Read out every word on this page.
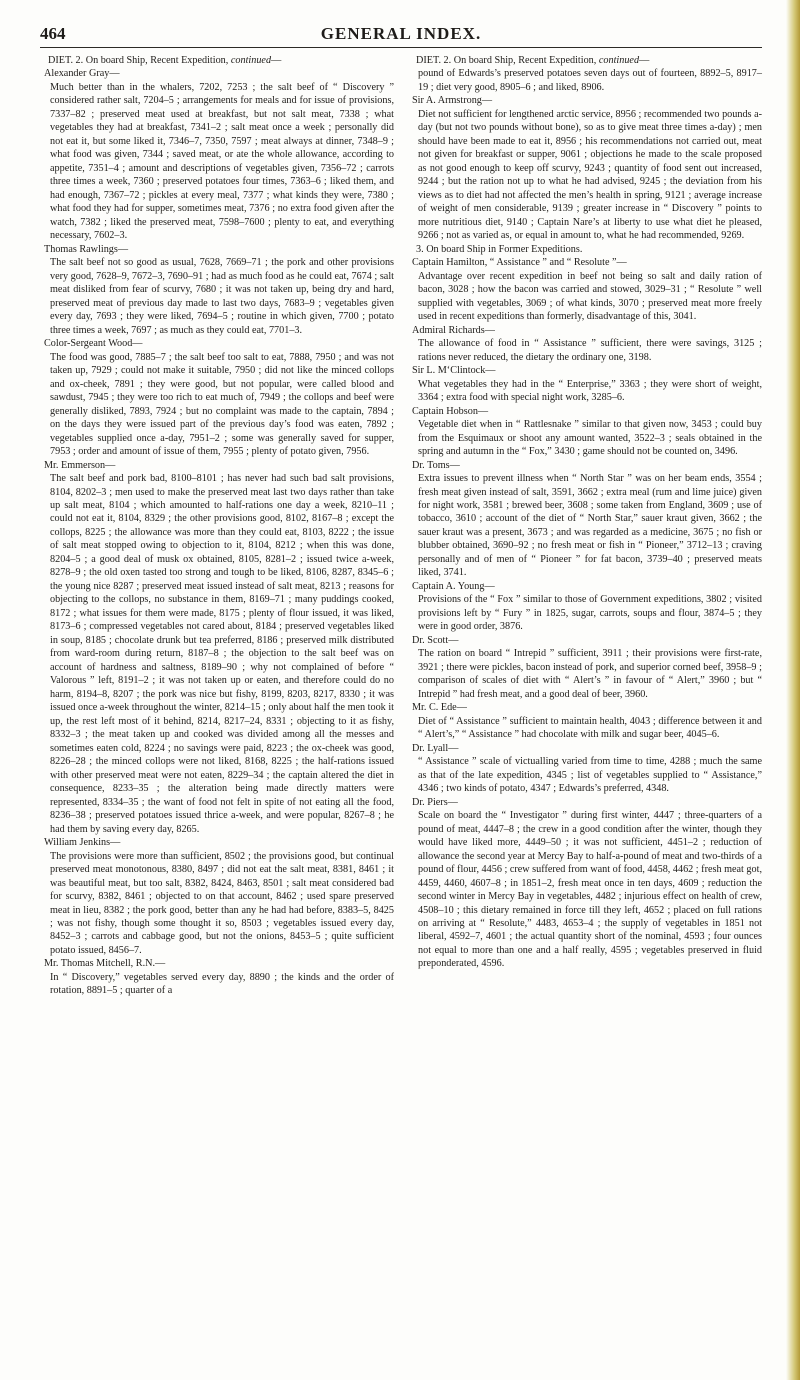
464	GENERAL INDEX.

DIET. 2. On board Ship, Recent Expedition, continued—

Alexander Gray—
Much better than in the whalers, 7202, 7253 ; the salt beef of “ Discovery ” considered rather salt, 7204–5 ; arrangements for meals and for issue of provisions, 7337–82 ; preserved meat used at breakfast, but not salt meat, 7338 ; what vegetables they had at breakfast, 7341–2 ; salt meat once a week ; personally did not eat it, but some liked it, 7346–7, 7350, 7597 ; meat always at dinner, 7348–9 ; what food was given, 7344 ; saved meat, or ate the whole allowance, according to appetite, 7351–4 ; amount and descriptions of vegetables given, 7356–72 ; carrots three times a week, 7360 ; preserved potatoes four times, 7363–6 ; liked them, and had enough, 7367–72 ; pickles at every meal, 7377 ; what kinds they were, 7380 ; what food they had for supper, sometimes meat, 7376 ; no extra food given after the watch, 7382 ; liked the preserved meat, 7598–7600 ; plenty to eat, and everything necessary, 7602–3.
Thomas Rawlings—
The salt beef not so good as usual, 7628, 7669–71 ; the pork and other provisions very good, 7628–9, 7672–3, 7690–91 ; had as much food as he could eat, 7674 ; salt meat disliked from fear of scurvy, 7680 ; it was not taken up, being dry and hard, preserved meat of previous day made to last two days, 7683–9 ; vegetables given every day, 7693 ; they were liked, 7694–5 ; routine in which given, 7700 ; potato three times a week, 7697 ; as much as they could eat, 7701–3.
Color-Sergeant Wood—
The food was good, 7885–7 ; the salt beef too salt to eat, 7888, 7950 ; and was not taken up, 7929 ; could not make it suitable, 7950 ; did not like the minced collops and ox-cheek, 7891 ; they were good, but not popular, were called blood and sawdust, 7945 ; they were too rich to eat much of, 7949 ; the collops and beef were generally disliked, 7893, 7924 ; but no complaint was made to the captain, 7894 ; on the days they were issued part of the previous day’s food was eaten, 7892 ; vegetables supplied once a-day, 7951–2 ; some was generally saved for supper, 7953 ; order and amount of issue of them, 7955 ; plenty of potato given, 7956.
Mr. Emmerson—
The salt beef and pork bad, 8100–8101 ; has never had such bad salt provisions, 8104, 8202–3 ; men used to make the preserved meat last two days rather than take up salt meat, 8104 ; which amounted to half-rations one day a week, 8210–11 ; could not eat it, 8104, 8329 ; the other provisions good, 8102, 8167–8 ; except the collops, 8225 ; the allowance was more than they could eat, 8103, 8222 ; the issue of salt meat stopped owing to objection to it, 8104, 8212 ; when this was done, 8204–5 ; a good deal of musk ox obtained, 8105, 8281–2 ; issued twice a-week, 8278–9 ; the old oxen tasted too strong and tough to be liked, 8106, 8287, 8345–6 ; the young nice 8287 ; preserved meat issued instead of salt meat, 8213 ; reasons for objecting to the collops, no substance in them, 8169–71 ; many puddings cooked, 8172 ; what issues for them were made, 8175 ; plenty of flour issued, it was liked, 8173–6 ; compressed vegetables not cared about, 8184 ; preserved vegetables liked in soup, 8185 ; chocolate drunk but tea preferred, 8186 ; preserved milk distributed from ward-room during return, 8187–8 ; the objection to the salt beef was on account of hardness and saltness, 8189–90 ; why not complained of before “ Valorous ” left, 8191–2 ; it was not taken up or eaten, and therefore could do no harm, 8194–8, 8207 ; the pork was nice but fishy, 8199, 8203, 8217, 8330 ; it was issued once a-week throughout the winter, 8214–15 ; only about half the men took it up, the rest left most of it behind, 8214, 8217–24, 8331 ; objecting to it as fishy, 8332–3 ; the meat taken up and cooked was divided among all the messes and sometimes eaten cold, 8224 ; no savings were paid, 8223 ; the ox-cheek was good, 8226–28 ; the minced collops were not liked, 8168, 8225 ; the half-rations issued with other preserved meat were not eaten, 8229–34 ; the captain altered the diet in consequence, 8233–35 ; the alteration being made directly matters were represented, 8334–35 ; the want of food not felt in spite of not eating all the food, 8236–38 ; preserved potatoes issued thrice a-week, and were popular, 8267–8 ; he had them by saving every day, 8265.
William Jenkins—
The provisions were more than sufficient, 8502 ; the provisions good, but continual preserved meat monotonous, 8380, 8497 ; did not eat the salt meat, 8381, 8461 ; it was beautiful meat, but too salt, 8382, 8424, 8463, 8501 ; salt meat considered bad for scurvy, 8382, 8461 ; objected to on that account, 8462 ; used spare preserved meat in lieu, 8382 ; the pork good, better than any he had had before, 8383–5, 8425 ; was not fishy, though some thought it so, 8503 ; vegetables issued every day, 8452–3 ; carrots and cabbage good, but not the onions, 8453–5 ; quite sufficient potato issued, 8456–7.
Mr. Thomas Mitchell, R.N.—
In “ Discovery,” vegetables served every day, 8890 ; the kinds and the order of rotation, 8891–5 ; quarter of a

DIET. 2. On board Ship, Recent Expedition, continued—

pound of Edwards’s preserved potatoes seven days out of fourteen, 8892–5, 8917–19 ; diet very good, 8905–6 ; and liked, 8906.

Sir A. Armstrong—
Diet not sufficient for lengthened arctic service, 8956 ; recommended two pounds a-day (but not two pounds without bone), so as to give meat three times a-day) ; men should have been made to eat it, 8956 ; his recommendations not carried out, meat not given for breakfast or supper, 9061 ; objections he made to the scale proposed as not good enough to keep off scurvy, 9243 ; quantity of food sent out increased, 9244 ; but the ration not up to what he had advised, 9245 ; the deviation from his views as to diet had not affected the men’s health in spring, 9121 ; average increase of weight of men considerable, 9139 ; greater increase in “ Discovery ” points to more nutritious diet, 9140 ; Captain Nare’s at liberty to use what diet he pleased, 9266 ; not as varied as, or equal in amount to, what he had recommended, 9269.

3. On board Ship in Former Expeditions.

Captain Hamilton, “ Assistance ” and “ Resolute ”—
Advantage over recent expedition in beef not being so salt and daily ration of bacon, 3028 ; how the bacon was carried and stowed, 3029–31 ; “ Resolute ” well supplied with vegetables, 3069 ; of what kinds, 3070 ; preserved meat more freely used in recent expeditions than formerly, disadvantage of this, 3041.
Admiral Richards—
The allowance of food in “ Assistance ” sufficient, there were savings, 3125 ; rations never reduced, the dietary the ordinary one, 3198.
Sir L. M‘Clintock—
What vegetables they had in the “ Enterprise,” 3363 ; they were short of weight, 3364 ; extra food with special night work, 3285–6.
Captain Hobson—
Vegetable diet when in “ Rattlesnake ” similar to that given now, 3453 ; could buy from the Esquimaux or shoot any amount wanted, 3522–3 ; seals obtained in the spring and autumn in the “ Fox,” 3430 ; game should not be counted on, 3496.
Dr. Toms—
Extra issues to prevent illness when “ North Star ” was on her beam ends, 3554 ; fresh meat given instead of salt, 3591, 3662 ; extra meal (rum and lime juice) given for night work, 3581 ; brewed beer, 3608 ; some taken from England, 3609 ; use of tobacco, 3610 ; account of the diet of “ North Star,” sauer kraut given, 3662 ; the sauer kraut was a present, 3673 ; and was regarded as a medicine, 3675 ; no fish or blubber obtained, 3690–92 ; no fresh meat or fish in “ Pioneer,” 3712–13 ; craving personally and of men of “ Pioneer ” for fat bacon, 3739–40 ; preserved meats liked, 3741.
Captain A. Young—
Provisions of the “ Fox ” similar to those of Government expeditions, 3802 ; visited provisions left by “ Fury ” in 1825, sugar, carrots, soups and flour, 3874–5 ; they were in good order, 3876.
Dr. Scott—
The ration on board “ Intrepid ” sufficient, 3911 ; their provisions were first-rate, 3921 ; there were pickles, bacon instead of pork, and superior corned beef, 3958–9 ; comparison of scales of diet with “ Alert’s ” in favour of “ Alert,” 3960 ; but “ Intrepid ” had fresh meat, and a good deal of beer, 3960.
Mr. C. Ede—
Diet of “ Assistance ” sufficient to maintain health, 4043 ; difference between it and “ Alert’s,” “ Assistance ” had chocolate with milk and sugar beer, 4045–6.
Dr. Lyall—
“ Assistance ” scale of victualling varied from time to time, 4288 ; much the same as that of the late expedition, 4345 ; list of vegetables supplied to “ Assistance,” 4346 ; two kinds of potato, 4347 ; Edwards’s preferred, 4348.
Dr. Piers—
Scale on board the “ Investigator ” during first winter, 4447 ; three-quarters of a pound of meat, 4447–8 ; the crew in a good condition after the winter, though they would have liked more, 4449–50 ; it was not sufficient, 4451–2 ; reduction of allowance the second year at Mercy Bay to half-a-pound of meat and two-thirds of a pound of flour, 4456 ; crew suffered from want of food, 4458, 4462 ; fresh meat got, 4459, 4460, 4607–8 ; in 1851–2, fresh meat once in ten days, 4609 ; reduction the second winter in Mercy Bay in vegetables, 4482 ; injurious effect on health of crew, 4508–10 ; this dietary remained in force till they left, 4652 ; placed on full rations on arriving at “ Resolute,” 4483, 4653–4 ; the supply of vegetables in 1851 not liberal, 4592–7, 4601 ; the actual quantity short of the nominal, 4593 ; four ounces not equal to more than one and a half really, 4595 ; vegetables preserved in fluid preponderated, 4596.
